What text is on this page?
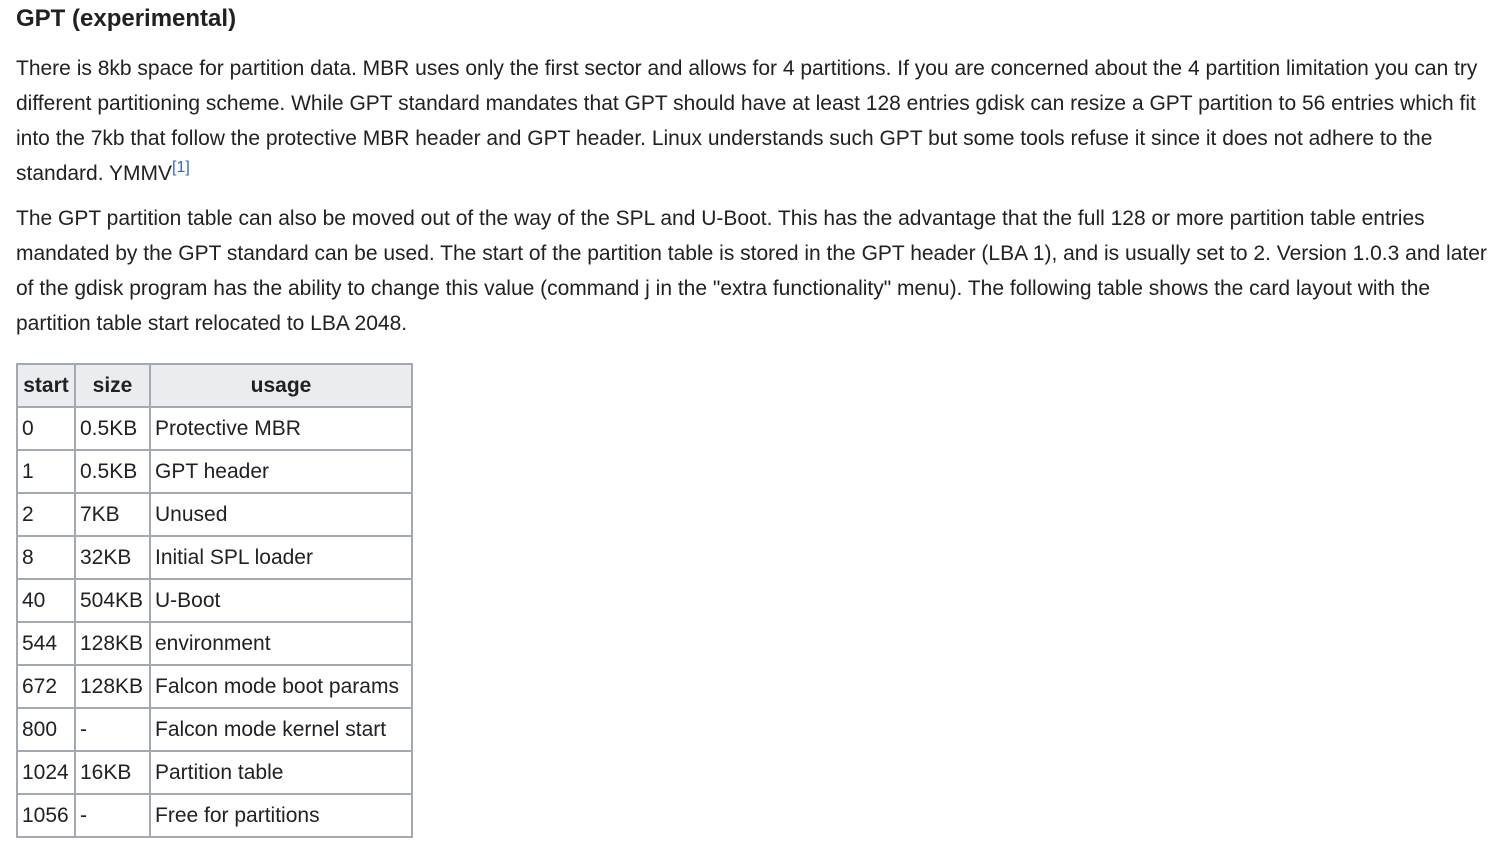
GPT (experimental)

There is 8kb space for partition data. MBR uses only the first sector and allows for 4 partitions. If you are concerned about the 4 partition limitation you can try different partitioning scheme. While GPT standard mandates that GPT should have at least 128 entries gdisk can resize a GPT partition to 56 entries which fit into the 7kb that follow the protective MBR header and GPT header. Linux understands such GPT but some tools refuse it since it does not adhere to the standard. YMMV[1]

The GPT partition table can also be moved out of the way of the SPL and U-Boot. This has the advantage that the full 128 or more partition table entries mandated by the GPT standard can be used. The start of the partition table is stored in the GPT header (LBA 1), and is usually set to 2. Version 1.0.3 and later of the gdisk program has the ability to change this value (command j in the "extra functionality" menu). The following table shows the card layout with the partition table start relocated to LBA 2048.

start	size	usage
0	0.5KB	Protective MBR
1	0.5KB	GPT header
2	7KB	Unused
8	32KB	Initial SPL loader
40	504KB	U-Boot
544	128KB	environment
672	128KB	Falcon mode boot params
800	-	Falcon mode kernel start
1024	16KB	Partition table
1056	-	Free for partitions
